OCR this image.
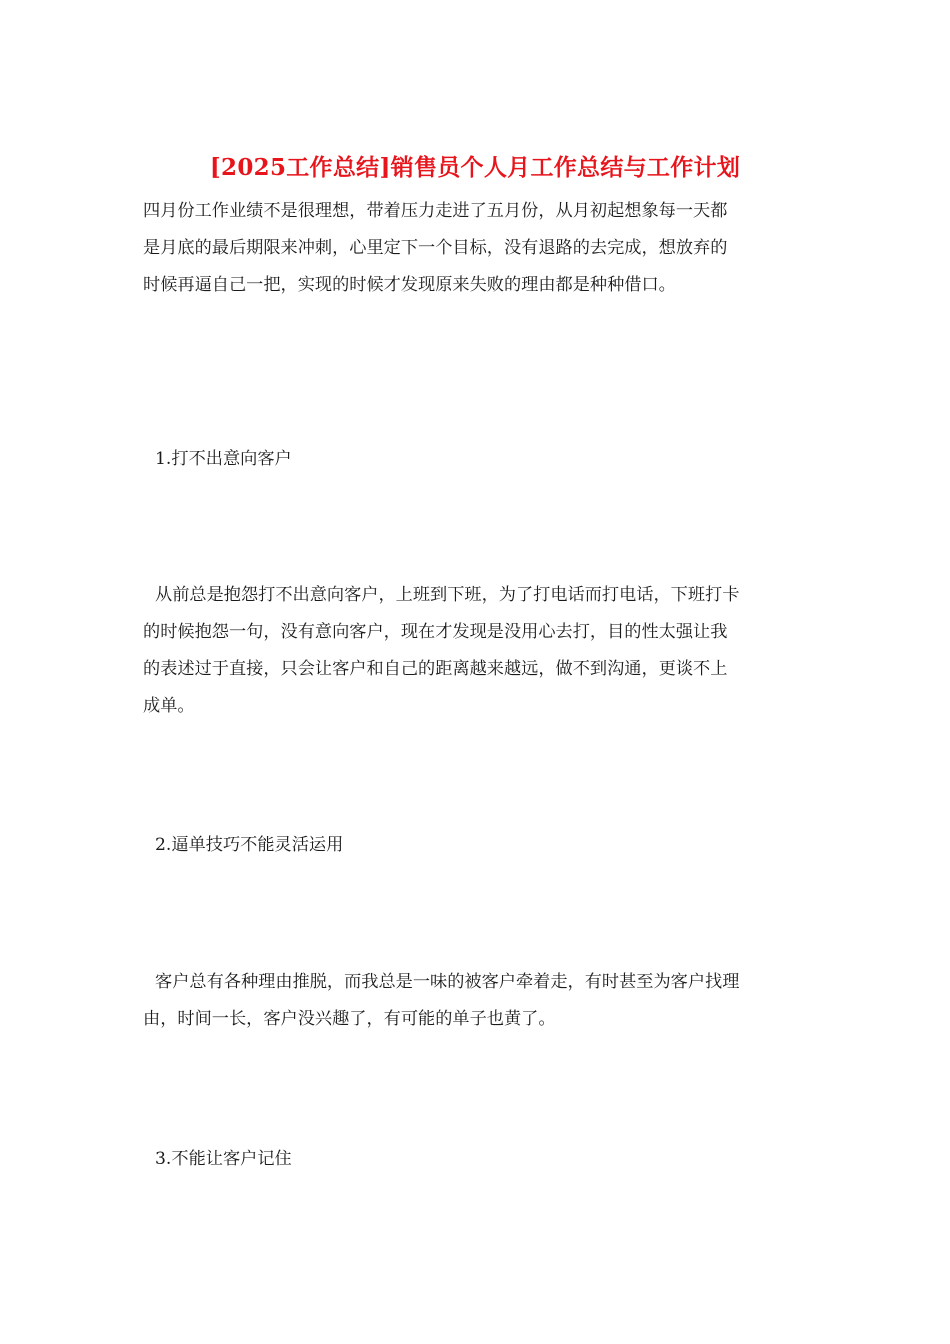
[2025工作总结]销售员个人月工作总结与工作计划
四月份工作业绩不是很理想，带着压力走进了五月份，从月初起想象每一天都
是月底的最后期限来冲刺，心里定下一个目标，没有退路的去完成，想放弃的
时候再逼自己一把，实现的时候才发现原来失败的理由都是种种借口。
1.打不出意向客户
从前总是抱怨打不出意向客户，上班到下班，为了打电话而打电话，下班打卡
的时候抱怨一句，没有意向客户，现在才发现是没用心去打，目的性太强让我
的表述过于直接，只会让客户和自己的距离越来越远，做不到沟通，更谈不上
成单。
2.逼单技巧不能灵活运用
客户总有各种理由推脱，而我总是一味的被客户牵着走，有时甚至为客户找理
由，时间一长，客户没兴趣了，有可能的单子也黄了。
3.不能让客户记住
